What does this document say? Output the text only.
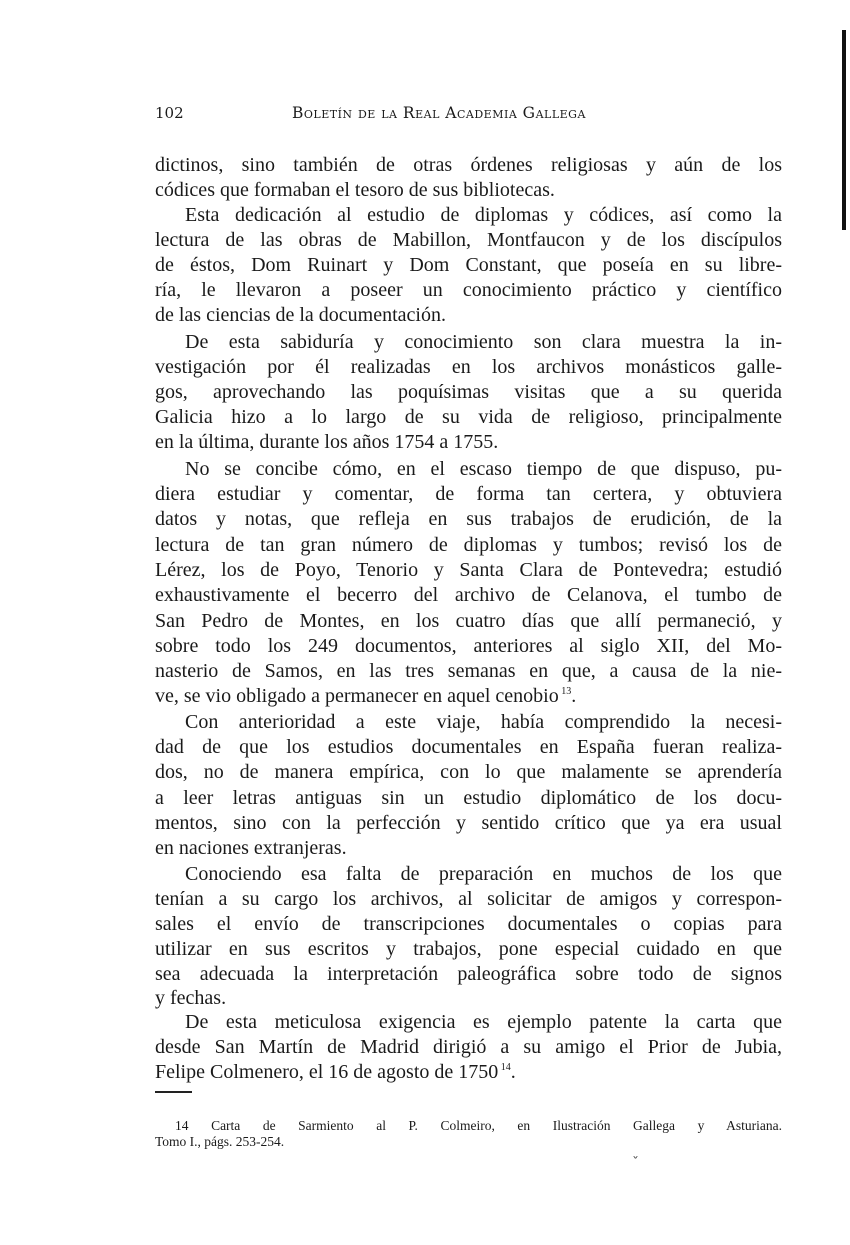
102	Boletín de la Real Academia Gallega
dictinos, sino también de otras órdenes religiosas y aún de los
códices que formaban el tesoro de sus bibliotecas.
Esta dedicación al estudio de diplomas y códices, así como la
lectura de las obras de Mabillon, Montfaucon y de los discípulos
de éstos, Dom Ruinart y Dom Constant, que poseía en su libre-
ría, le llevaron a poseer un conocimiento práctico y científico
de las ciencias de la documentación.
De esta sabiduría y conocimiento son clara muestra la in-
vestigación por él realizadas en los archivos monásticos galle-
gos, aprovechando las poquísimas visitas que a su querida
Galicia hizo a lo largo de su vida de religioso, principalmente
en la última, durante los años 1754 a 1755.
No se concibe cómo, en el escaso tiempo de que dispuso, pu-
diera estudiar y comentar, de forma tan certera, y obtuviera
datos y notas, que refleja en sus trabajos de erudición, de la
lectura de tan gran número de diplomas y tumbos; revisó los de
Lérez, los de Poyo, Tenorio y Santa Clara de Pontevedra; estudió
exhaustivamente el becerro del archivo de Celanova, el tumbo de
San Pedro de Montes, en los cuatro días que allí permaneció, y
sobre todo los 249 documentos, anteriores al siglo XII, del Mo-
nasterio de Samos, en las tres semanas en que, a causa de la nie-
ve, se vio obligado a permanecer en aquel cenobio $^{13}$.
Con anterioridad a este viaje, había comprendido la necesi-
dad de que los estudios documentales en España fueran realiza-
dos, no de manera empírica, con lo que malamente se aprendería
a leer letras antiguas sin un estudio diplomático de los docu-
mentos, sino con la perfección y sentido crítico que ya era usual
en naciones extranjeras.
Conociendo esa falta de preparación en muchos de los que
tenían a su cargo los archivos, al solicitar de amigos y correspon-
sales el envío de transcripciones documentales o copias para
utilizar en sus escritos y trabajos, pone especial cuidado en que
sea adecuada la interpretación paleográfica sobre todo de signos
y fechas.
De esta meticulosa exigencia es ejemplo patente la carta que
desde San Martín de Madrid dirigió a su amigo el Prior de Jubia,
Felipe Colmenero, el 16 de agosto de 1750 $^{14}$.
14 Carta de Sarmiento al P. Colmeiro, en Ilustración Gallega y Asturiana.
Tomo I., págs. 253-254.
ˇ
